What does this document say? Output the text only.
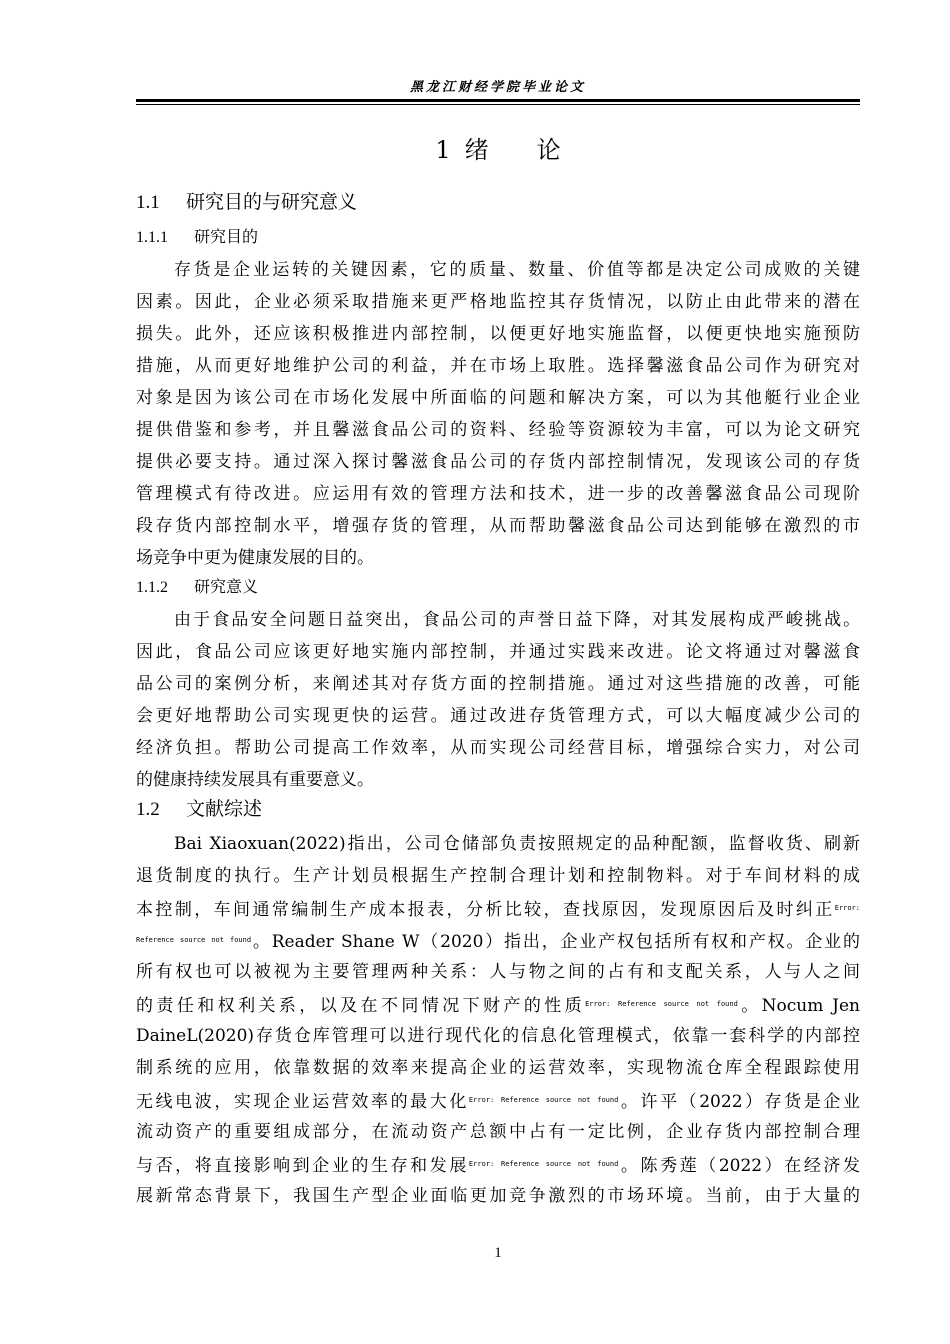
黑龙江财经学院毕业论文
1 绪 论
1.1 研究目的与研究意义
1.1.1 研究目的
存货是企业运转的关键因素，它的质量、数量、价值等都是决定公司成败的关键
因素。因此，企业必须采取措施来更严格地监控其存货情况，以防止由此带来的潜在
损失。此外，还应该积极推进内部控制，以便更好地实施监督，以便更快地实施预防
措施，从而更好地维护公司的利益，并在市场上取胜。选择馨滋食品公司作为研究对
对象是因为该公司在市场化发展中所面临的问题和解决方案，可以为其他艇行业企业
提供借鉴和参考，并且馨滋食品公司的资料、经验等资源较为丰富，可以为论文研究
提供必要支持。通过深入探讨馨滋食品公司的存货内部控制情况，发现该公司的存货
管理模式有待改进。应运用有效的管理方法和技术，进一步的改善馨滋食品公司现阶
段存货内部控制水平，增强存货的管理，从而帮助馨滋食品公司达到能够在激烈的市
场竞争中更为健康发展的目的。
1.1.2 研究意义
由于食品安全问题日益突出，食品公司的声誉日益下降，对其发展构成严峻挑战。
因此，食品公司应该更好地实施内部控制，并通过实践来改进。论文将通过对馨滋食
品公司的案例分析，来阐述其对存货方面的控制措施。通过对这些措施的改善，可能
会更好地帮助公司实现更快的运营。通过改进存货管理方式，可以大幅度减少公司的
经济负担。帮助公司提高工作效率，从而实现公司经营目标，增强综合实力，对公司
的健康持续发展具有重要意义。
1.2 文献综述
Bai Xiaoxuan(2022)指出，公司仓储部负责按照规定的品种配额，监督收货、刷新
退货制度的执行。生产计划员根据生产控制合理计划和控制物料。对于车间材料的成
本控制，车间通常编制生产成本报表，分析比较，查找原因，发现原因后及时纠正$^{Error:}$
$^{Reference source not found}$。Reader Shane W（2020）指出，企业产权包括所有权和产权。企业的
所有权也可以被视为主要管理两种关系：人与物之间的占有和支配关系，人与人之间
的责任和权利关系，以及在不同情况下财产的性质$^{Error: Reference source not found}$。Nocum Jen
DaineL(2020)存货仓库管理可以进行现代化的信息化管理模式，依靠一套科学的内部控
制系统的应用，依靠数据的效率来提高企业的运营效率，实现物流仓库全程跟踪使用
无线电波，实现企业运营效率的最大化$^{Error: Reference source not found}$。许平（2022）存货是企业
流动资产的重要组成部分，在流动资产总额中占有一定比例，企业存货内部控制合理
与否，将直接影响到企业的生存和发展$^{Error: Reference source not found}$。陈秀莲（2022）在经济发
展新常态背景下，我国生产型企业面临更加竞争激烈的市场环境。当前，由于大量的
1
